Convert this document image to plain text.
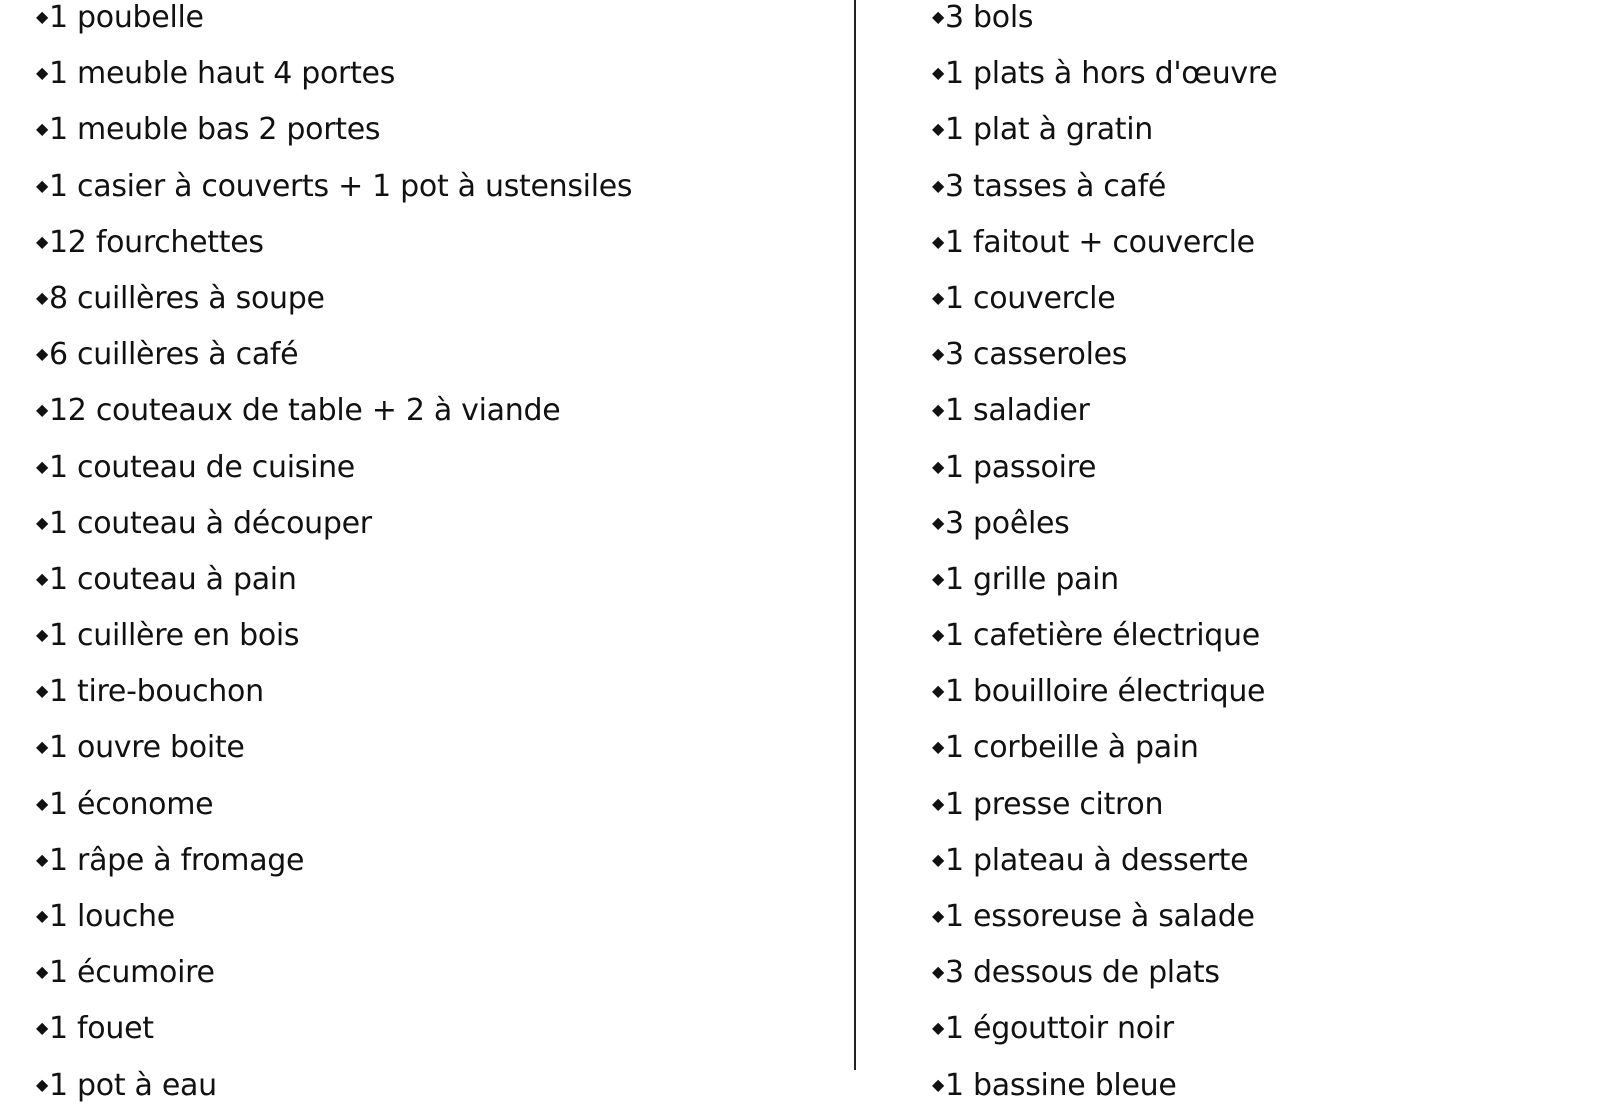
◆1 poubelle
◆1 meuble haut 4 portes
◆1 meuble bas 2 portes
◆1 casier à couverts + 1 pot à ustensiles
◆12 fourchettes
◆8 cuillères à soupe
◆6 cuillères à café
◆12 couteaux de table + 2 à viande
◆1 couteau de cuisine
◆1 couteau à découper
◆1 couteau à pain
◆1 cuillère en bois
◆1 tire-bouchon
◆1 ouvre boite
◆1 économe
◆1 râpe à fromage
◆1 louche
◆1 écumoire
◆1 fouet
◆1 pot à eau
◆3 bols
◆1 plats à hors d'œuvre
◆1 plat à gratin
◆3 tasses à café
◆1 faitout + couvercle
◆1 couvercle
◆3 casseroles
◆1 saladier
◆1 passoire
◆3 poêles
◆1 grille pain
◆1 cafetière électrique
◆1 bouilloire électrique
◆1 corbeille à pain
◆1 presse citron
◆1 plateau à desserte
◆1 essoreuse à salade
◆3 dessous de plats
◆1 égouttoir noir
◆1 bassine bleue
